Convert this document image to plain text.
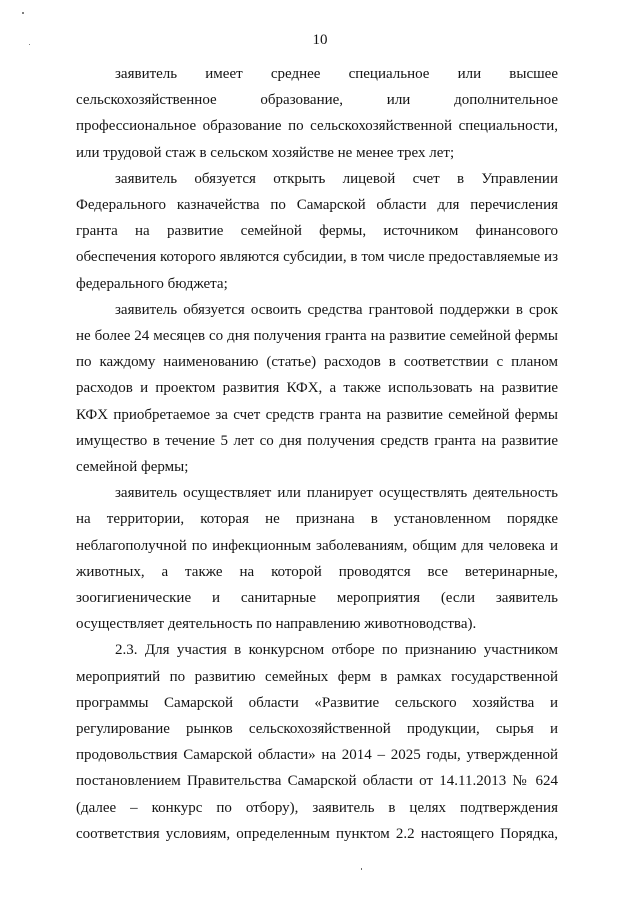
10
заявитель имеет среднее специальное или высшее
сельскохозяйственное образование, или дополнительное
профессиональное образование по сельскохозяйственной специальности,
или трудовой стаж в сельском хозяйстве не менее трех лет;
заявитель обязуется открыть лицевой счет в Управлении
Федерального казначейства по Самарской области для перечисления
гранта на развитие семейной фермы, источником финансового
обеспечения которого являются субсидии, в том числе предоставляемые из
федерального бюджета;
заявитель обязуется освоить средства грантовой поддержки в срок
не более 24 месяцев со дня получения гранта на развитие семейной фермы
по каждому наименованию (статье) расходов в соответствии с планом
расходов и проектом развития КФХ, а также использовать на развитие
КФХ приобретаемое за счет средств гранта на развитие семейной фермы
имущество в течение 5 лет со дня получения средств гранта на развитие
семейной фермы;
заявитель осуществляет или планирует осуществлять деятельность
на территории, которая не признана в установленном порядке
неблагополучной по инфекционным заболеваниям, общим для человека и
животных, а также на которой проводятся все ветеринарные,
зоогигиенические и санитарные мероприятия (если заявитель
осуществляет деятельность по направлению животноводства).
2.3. Для участия в конкурсном отборе по признанию участником
мероприятий по развитию семейных ферм в рамках государственной
программы Самарской области «Развитие сельского хозяйства и
регулирование рынков сельскохозяйственной продукции, сырья и
продовольствия Самарской области» на 2014 – 2025 годы, утвержденной
постановлением Правительства Самарской области от 14.11.2013 № 624
(далее – конкурс по отбору), заявитель в целях подтверждения
соответствия условиям, определенным пунктом 2.2 настоящего Порядка,
